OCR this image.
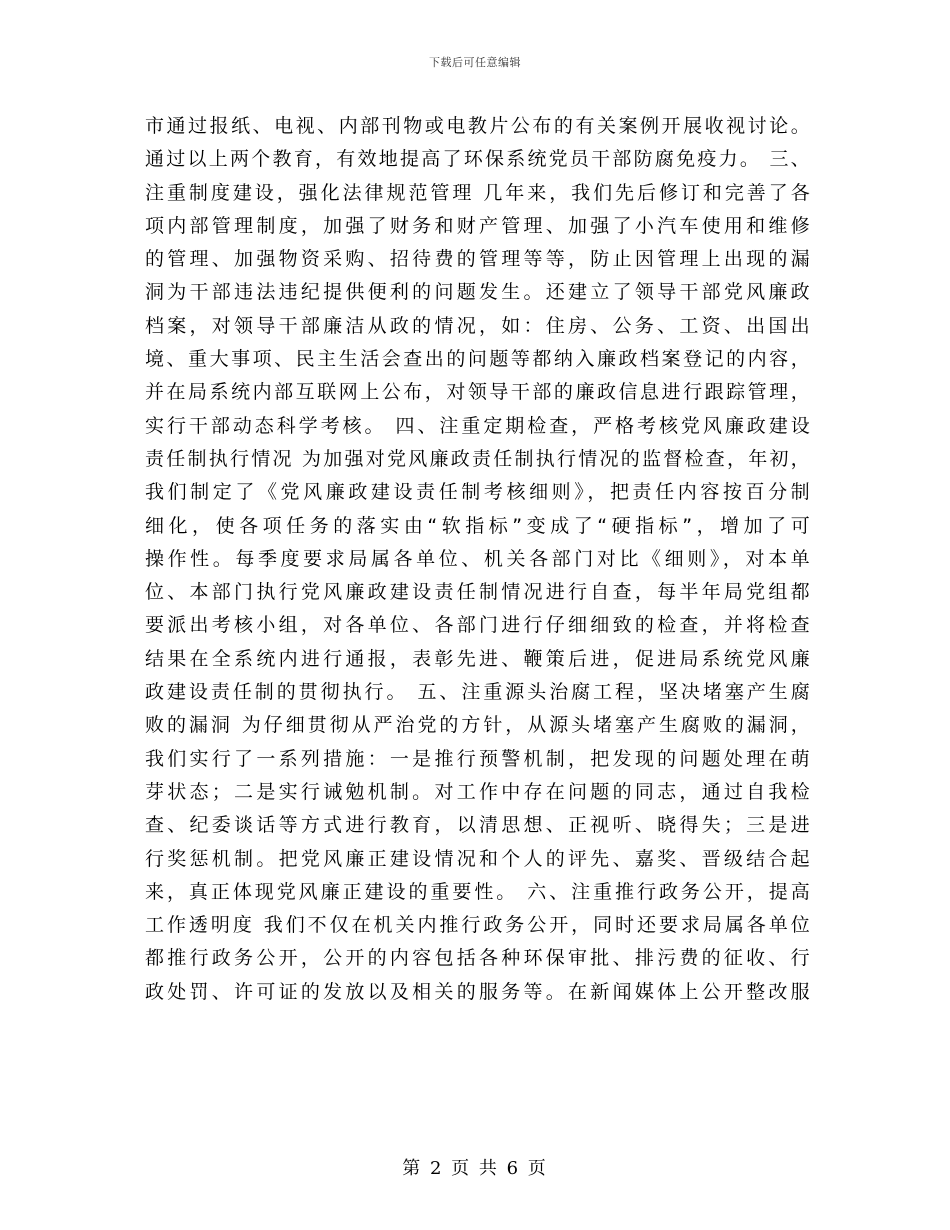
下载后可任意编辑
市通过报纸、电视、内部刊物或电教片公布的有关案例开展收视讨论。
通过以上两个教育，有效地提高了环保系统党员干部防腐免疫力。 三、
注重制度建设，强化法律规范管理 几年来，我们先后修订和完善了各
项内部管理制度，加强了财务和财产管理、加强了小汽车使用和维修
的管理、加强物资采购、招待费的管理等等，防止因管理上出现的漏
洞为干部违法违纪提供便利的问题发生。还建立了领导干部党风廉政
档案，对领导干部廉洁从政的情况，如：住房、公务、工资、出国出
境、重大事项、民主生活会查出的问题等都纳入廉政档案登记的内容，
并在局系统内部互联网上公布，对领导干部的廉政信息进行跟踪管理，
实行干部动态科学考核。 四、注重定期检查，严格考核党风廉政建设
责任制执行情况 为加强对党风廉政责任制执行情况的监督检查，年初，
我们制定了《党风廉政建设责任制考核细则》，把责任内容按百分制
细化，使各项任务的落实由“软指标”变成了“硬指标”，增加了可
操作性。每季度要求局属各单位、机关各部门对比《细则》，对本单
位、本部门执行党风廉政建设责任制情况进行自查，每半年局党组都
要派出考核小组，对各单位、各部门进行仔细细致的检查，并将检查
结果在全系统内进行通报，表彰先进、鞭策后进，促进局系统党风廉
政建设责任制的贯彻执行。 五、注重源头治腐工程，坚决堵塞产生腐
败的漏洞 为仔细贯彻从严治党的方针，从源头堵塞产生腐败的漏洞，
我们实行了一系列措施：一是推行预警机制，把发现的问题处理在萌
芽状态；二是实行诫勉机制。对工作中存在问题的同志，通过自我检
查、纪委谈话等方式进行教育，以清思想、正视听、晓得失；三是进
行奖惩机制。把党风廉正建设情况和个人的评先、嘉奖、晋级结合起
来，真正体现党风廉正建设的重要性。 六、注重推行政务公开，提高
工作透明度 我们不仅在机关内推行政务公开，同时还要求局属各单位
都推行政务公开，公开的内容包括各种环保审批、排污费的征收、行
政处罚、许可证的发放以及相关的服务等。在新闻媒体上公开整改服
第 2 页 共 6 页
